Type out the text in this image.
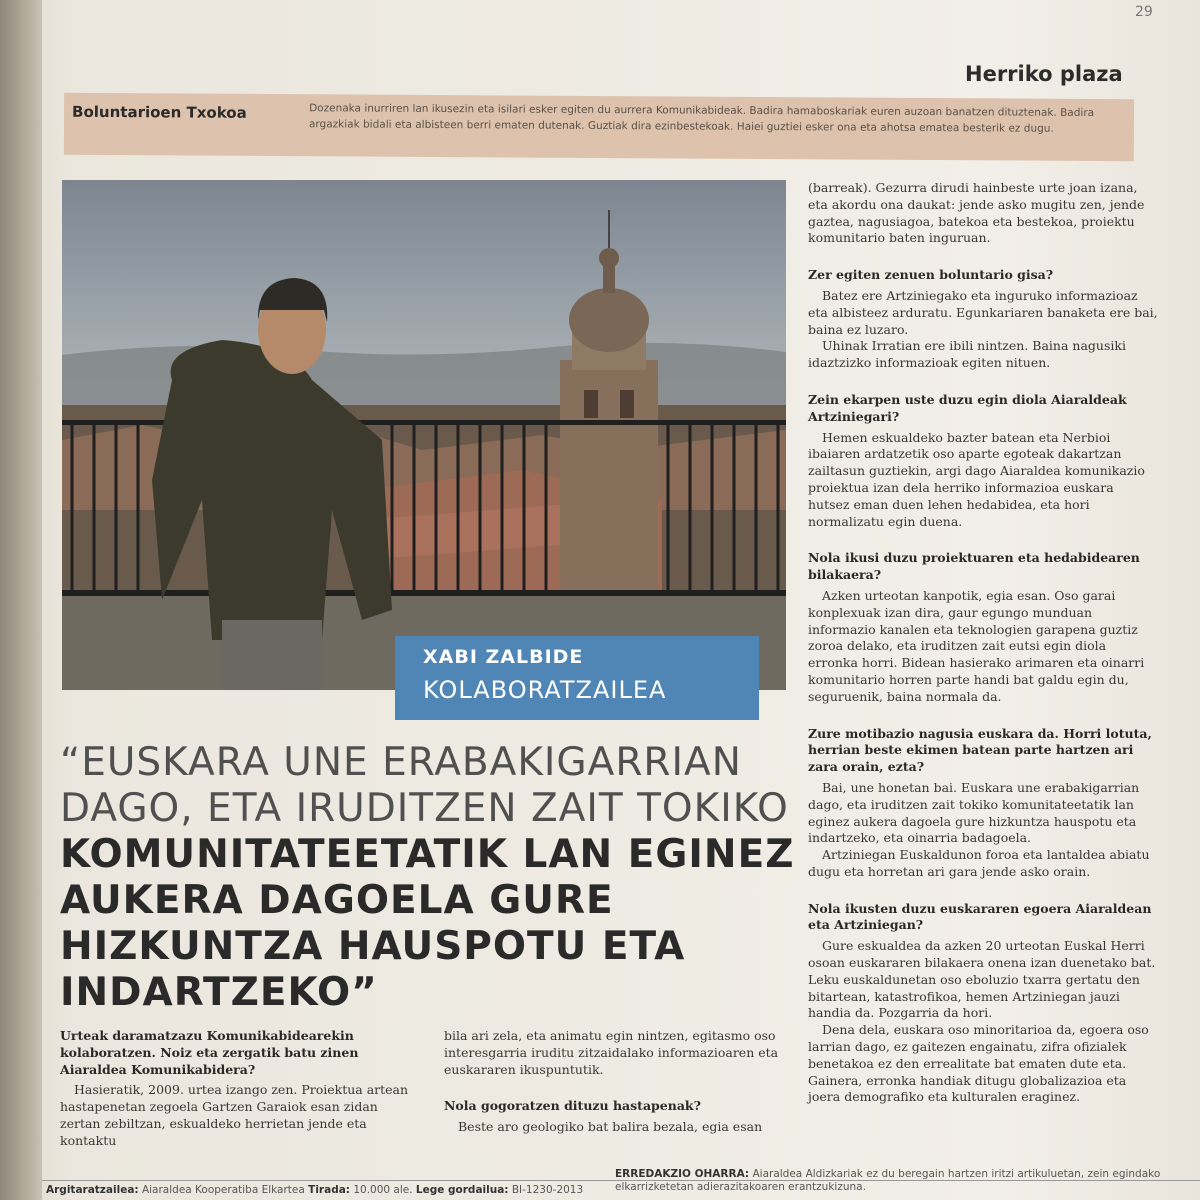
29
Herriko plaza
Boluntarioen Txokoa	Dozenaka inurriren lan ikusezin eta isilari esker egiten du aurrera Komunikabideak. Badira hamaboskariak euren auzoan banatzen dituztenak. Badira argazkiak bidali eta albisteen berri ematen dutenak. Guztiak dira ezinbestekoak. Haiei guztiei esker ona eta ahotsa ematea besterik ez dugu.
XABI ZALBIDE
KOLABORATZAILEA
“EUSKARA UNE ERABAKIGARRIAN DAGO, ETA IRUDITZEN ZAIT TOKIKO KOMUNITATEETATIK LAN EGINEZ AUKERA DAGOELA GURE HIZKUNTZA HAUSPOTU ETA INDARTZEKO”

Urteak daramatzazu Komunikabidearekin kolaboratzen. Noiz eta zergatik batu zinen Aiaraldea Komunikabidera?

Hasieratik, 2009. urtea izango zen. Proiektua artean hastapenetan zegoela Gartzen Garaiok esan zidan zertan zebiltzan, eskualdeko herrietan jende eta kontaktu

bila ari zela, eta animatu egin nintzen, egitasmo oso interesgarria iruditu zitzaidalako informazioaren eta euskararen ikuspuntutik.

Nola gogoratzen dituzu hastapenak?

Beste aro geologiko bat balira bezala, egia esan

(barreak). Gezurra dirudi hainbeste urte joan izana, eta akordu ona daukat: jende asko mugitu zen, jende gaztea, nagusiagoa, batekoa eta bestekoa, proiektu komunitario baten inguruan.

Zer egiten zenuen boluntario gisa?

Batez ere Artziniegako eta inguruko informazioaz eta albisteez arduratu. Egunkariaren banaketa ere bai, baina ez luzaro.

Uhinak Irratian ere ibili nintzen. Baina nagusiki idaztzizko informazioak egiten nituen.

Zein ekarpen uste duzu egin diola Aiaraldeak Artziniegari?

Hemen eskualdeko bazter batean eta Nerbioi ibaiaren ardatzetik oso aparte egoteak dakartzan zailtasun guztiekin, argi dago Aiaraldea komunikazio proiektua izan dela herriko informazioa euskara hutsez eman duen lehen hedabidea, eta hori normalizatu egin duena.

Nola ikusi duzu proiektuaren eta hedabidearen bilakaera?

Azken urteotan kanpotik, egia esan. Oso garai konplexuak izan dira, gaur egungo munduan informazio kanalen eta teknologien garapena guztiz zoroa delako, eta iruditzen zait eutsi egin diola erronka horri. Bidean hasierako arimaren eta oinarri komunitario horren parte handi bat galdu egin du, seguruenik, baina normala da.

Zure motibazio nagusia euskara da. Horri lotuta, herrian beste ekimen batean parte hartzen ari zara orain, ezta?

Bai, une honetan bai. Euskara une erabakigarrian dago, eta iruditzen zait tokiko komunitateetatik lan eginez aukera dagoela gure hizkuntza hauspotu eta indartzeko, eta oinarria badagoela.

Artziniegan Euskaldunon foroa eta lantaldea abiatu dugu eta horretan ari gara jende asko orain.

Nola ikusten duzu euskararen egoera Aiaraldean eta Artziniegan?

Gure eskualdea da azken 20 urteotan Euskal Herri osoan euskararen bilakaera onena izan duenetako bat. Leku euskaldunetan oso eboluzio txarra gertatu den bitartean, katastrofikoa, hemen Artziniegan jauzi handia da. Pozgarria da hori.

Dena dela, euskara oso minoritarioa da, egoera oso larrian dago, ez gaitezen engainatu, zifra ofizialek benetakoa ez den errealitate bat ematen dute eta. Gainera, erronka handiak ditugu globalizazioa eta joera demografiko eta kulturalen eraginez.

Argitaratzailea: Aiaraldea Kooperatiba Elkartea Tirada: 10.000 ale. Lege gordailua: BI-1230-2013
ERREDAKZIO OHARRA: Aiaraldea Aldizkariak ez du beregain hartzen iritzi artikuluetan, zein egindako elkarrizketetan adierazitakoaren erantzukizuna.
